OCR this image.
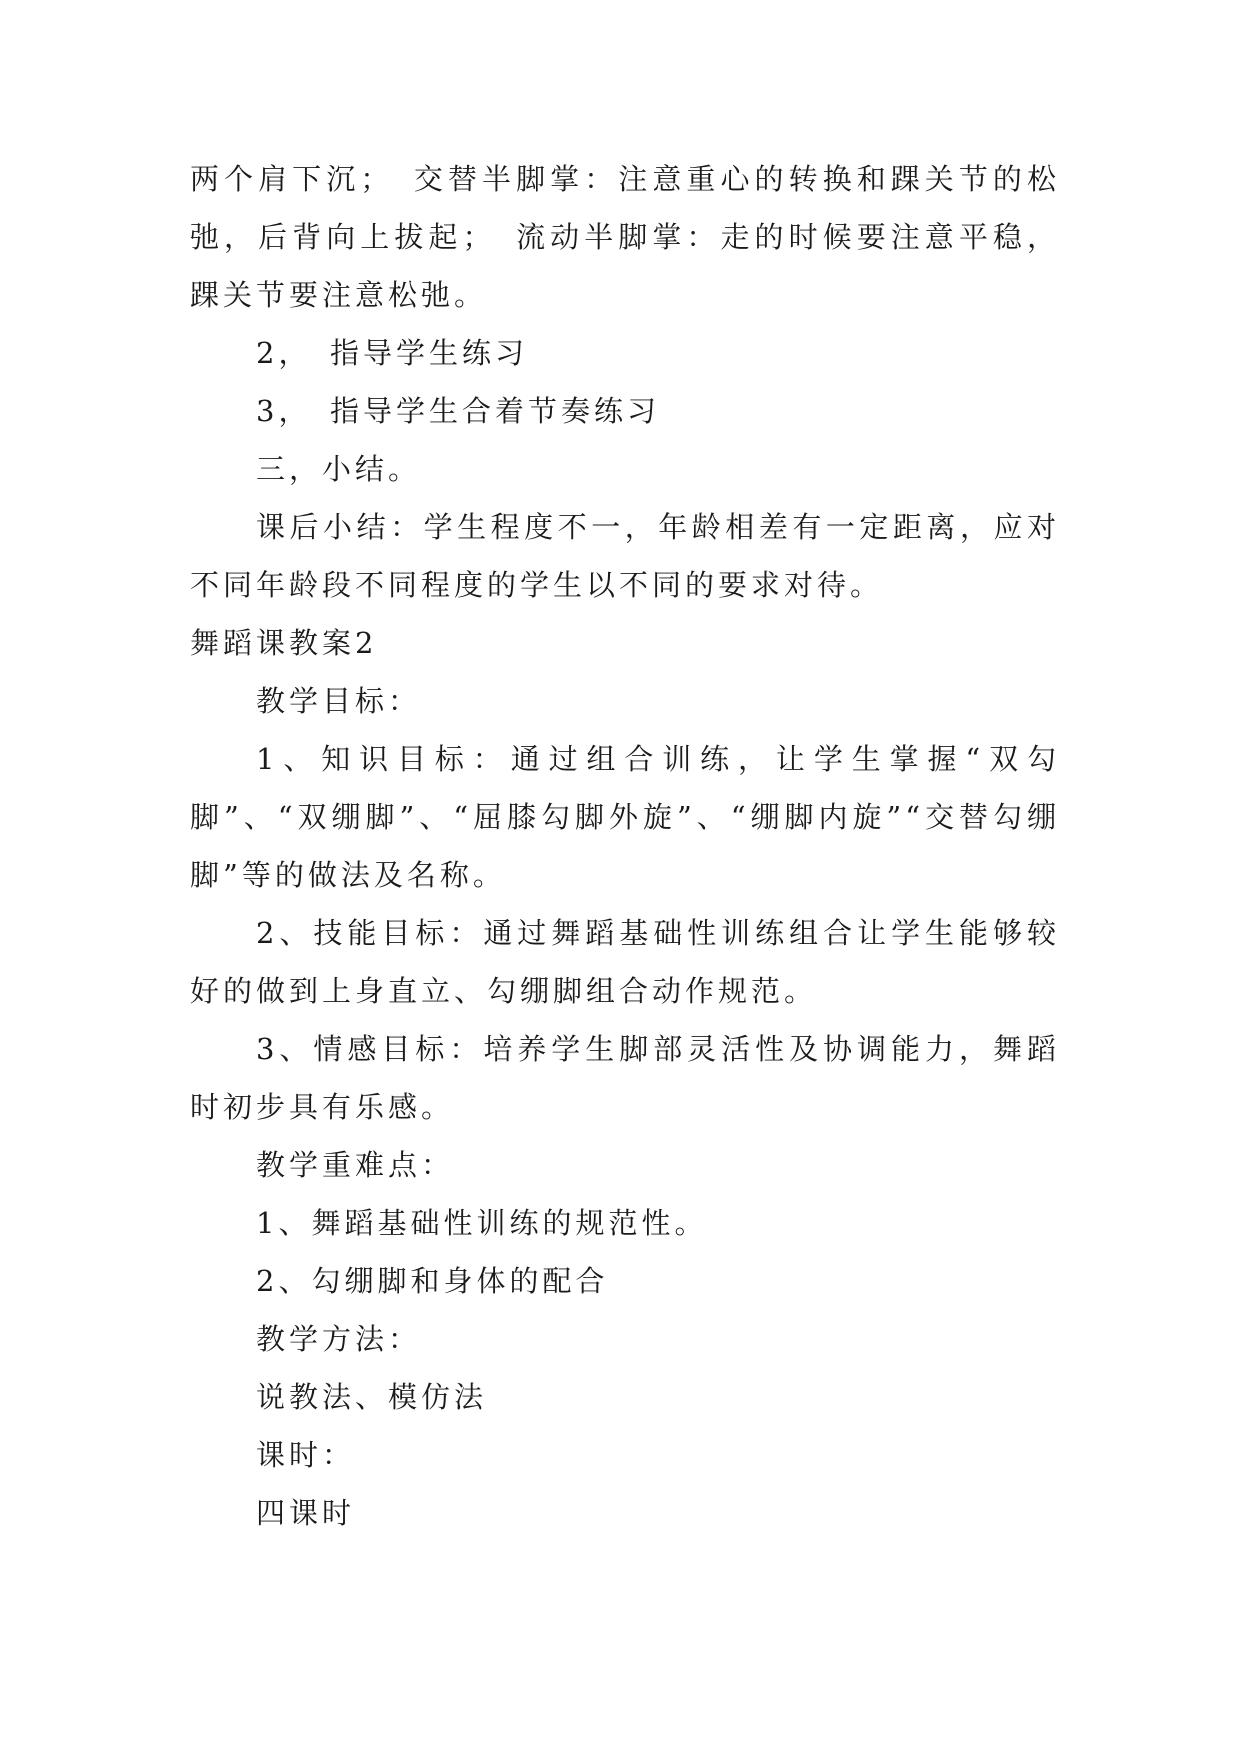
两个肩下沉；　交替半脚掌：注意重心的转换和踝关节的松弛，后背向上拔起；　流动半脚掌：走的时候要注意平稳，踝关节要注意松弛。

2，　指导学生练习

3，　指导学生合着节奏练习

三，小结。

课后小结：学生程度不一，年龄相差有一定距离，应对不同年龄段不同程度的学生以不同的要求对待。

舞蹈课教案2

教学目标：

1、知识目标：通过组合训练，让学生掌握“双勾脚”、“双绷脚”、“屈膝勾脚外旋”、“绷脚内旋”“交替勾绷脚”等的做法及名称。

2、技能目标：通过舞蹈基础性训练组合让学生能够较好的做到上身直立、勾绷脚组合动作规范。

3、情感目标：培养学生脚部灵活性及协调能力，舞蹈时初步具有乐感。

教学重难点：

1、舞蹈基础性训练的规范性。

2、勾绷脚和身体的配合

教学方法：

说教法、模仿法

课时：

四课时
